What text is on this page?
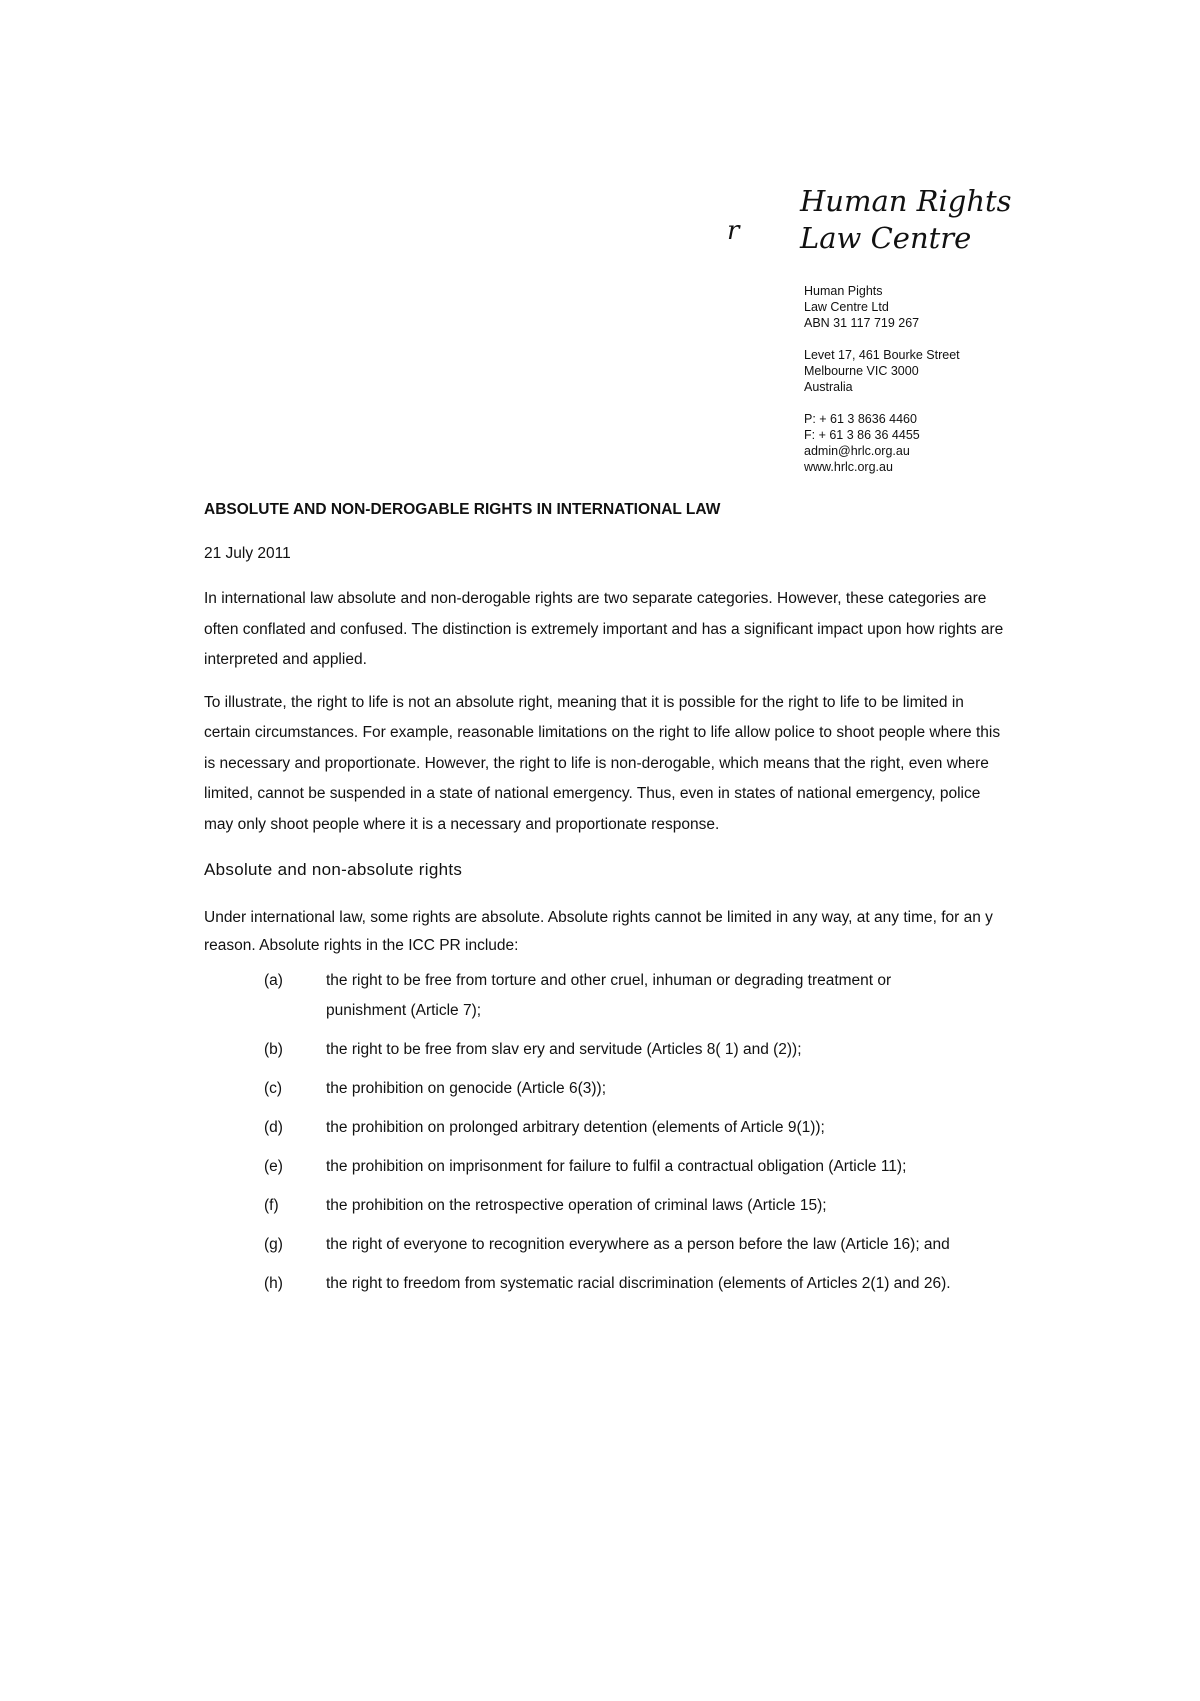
r
Human Rights
Law Centre
Human Pights
Law Centre Ltd
ABN 31 117 719 267
Levet 17, 461 Bourke Street
Melbourne VIC 3000
Australia
P: + 61 3 8636 4460
F: + 61 3 86 36 4455
admin@hrlc.org.au
www.hrlc.org.au
ABSOLUTE AND NON-DEROGABLE RIGHTS IN INTERNATIONAL LAW
21 July 2011
In international law absolute and non-derogable rights are two separate categories. However, these categories are often conflated and confused. The distinction is extremely important and has a significant impact upon how rights are interpreted and applied.
To illustrate, the right to life is not an absolute right, meaning that it is possible for the right to life to be limited in certain circumstances. For example, reasonable limitations on the right to life allow police to shoot people where this is necessary and proportionate. However, the right to life is non-derogable, which means that the right, even where limited, cannot be suspended in a state of national emergency. Thus, even in states of national emergency, police may only shoot people where it is a necessary and proportionate response.
Absolute and non-absolute rights
Under international law, some rights are absolute. Absolute rights cannot be limited in any way, at any time, for an y reason. Absolute rights in the ICC PR include:
(a)	the right to be free from torture and other cruel, inhuman or degrading treatment or punishment (Article 7);
(b)	the right to be free from slav ery and servitude (Articles 8( 1) and (2));
(c)	the prohibition on genocide (Article 6(3));
(d)	the prohibition on prolonged arbitrary detention (elements of Article 9(1));
(e)	the prohibition on imprisonment for failure to fulfil a contractual obligation (Article 11);
(f)	the prohibition on the retrospective operation of criminal laws (Article 15);
(g)	the right of everyone to recognition everywhere as a person before the law (Article 16); and
(h)	the right to freedom from systematic racial discrimination (elements of Articles 2(1) and 26).
